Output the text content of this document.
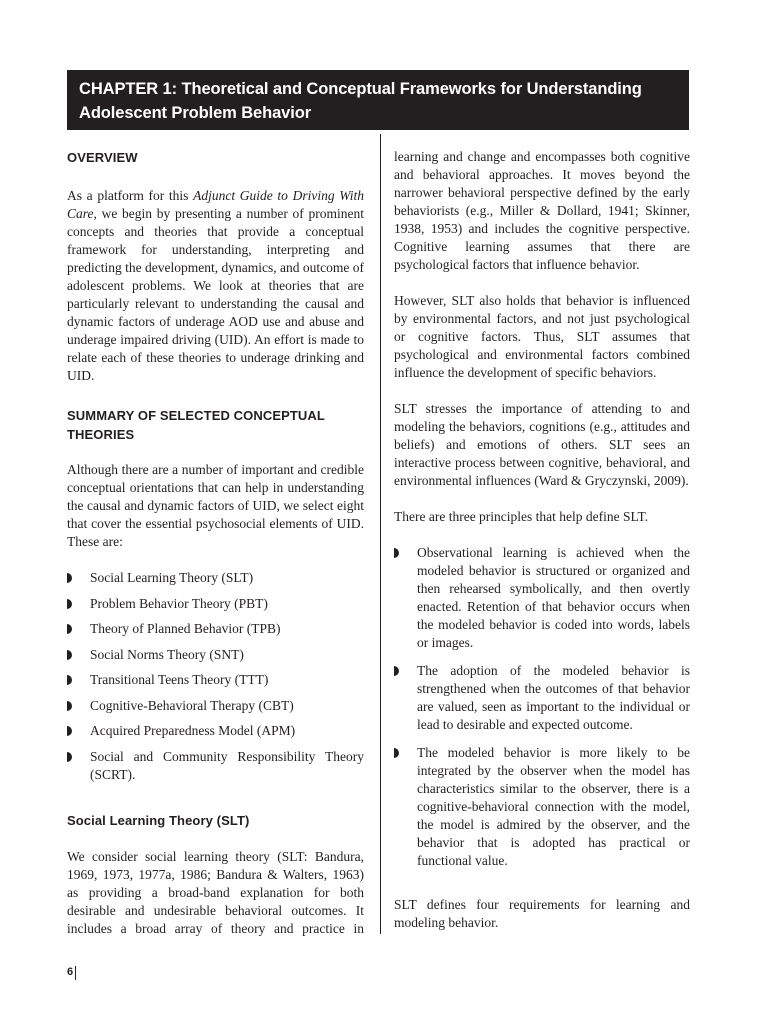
CHAPTER 1: Theoretical and Conceptual Frameworks for Understanding
Adolescent Problem Behavior
OVERVIEW

As a platform for this Adjunct Guide to Driving With Care, we begin by presenting a number of prominent concepts and theories that provide a conceptual framework for understanding, interpreting and predicting the development, dynamics, and outcome of adolescent problems. We look at theories that are particularly relevant to understanding the causal and dynamic factors of underage AOD use and abuse and underage impaired driving (UID). An effort is made to relate each of these theories to underage drinking and UID.

SUMMARY OF SELECTED CONCEPTUAL
THEORIES

Although there are a number of important and credible conceptual orientations that can help in understanding the causal and dynamic factors of UID, we select eight that cover the essential psychosocial elements of UID. These are:

Social Learning Theory (SLT)
Problem Behavior Theory (PBT)
Theory of Planned Behavior (TPB)
Social Norms Theory (SNT)
Transitional Teens Theory (TTT)
Cognitive-Behavioral Therapy (CBT)
Acquired Preparedness Model (APM)
Social and Community Responsibility Theory (SCRT).
Social Learning Theory (SLT)

We consider social learning theory (SLT: Bandura, 1969, 1973, 1977a, 1986; Bandura & Walters, 1963) as providing a broad-band explanation for both desirable and undesirable behavioral outcomes. It includes a broad array of theory and practice in

learning and change and encompasses both cognitive and behavioral approaches. It moves beyond the narrower behavioral perspective defined by the early behaviorists (e.g., Miller & Dollard, 1941; Skinner, 1938, 1953) and includes the cognitive perspective. Cognitive learning assumes that there are psychological factors that influence behavior.

However, SLT also holds that behavior is influenced by environmental factors, and not just psychological or cognitive factors. Thus, SLT assumes that psychological and environmental factors combined influence the development of specific behaviors.

SLT stresses the importance of attending to and modeling the behaviors, cognitions (e.g., attitudes and beliefs) and emotions of others. SLT sees an interactive process between cognitive, behavioral, and environmental influences (Ward & Gryczynski, 2009).

There are three principles that help define SLT.

Observational learning is achieved when the modeled behavior is structured or organized and then rehearsed symbolically, and then overtly enacted. Retention of that behavior occurs when the modeled behavior is coded into words, labels or images.
The adoption of the modeled behavior is strengthened when the outcomes of that behavior are valued, seen as important to the individual or lead to desirable and expected outcome.
The modeled behavior is more likely to be integrated by the observer when the model has characteristics similar to the observer, there is a cognitive-behavioral connection with the model, the model is admired by the observer, and the behavior that is adopted has practical or functional value.

SLT defines four requirements for learning and modeling behavior.

6
